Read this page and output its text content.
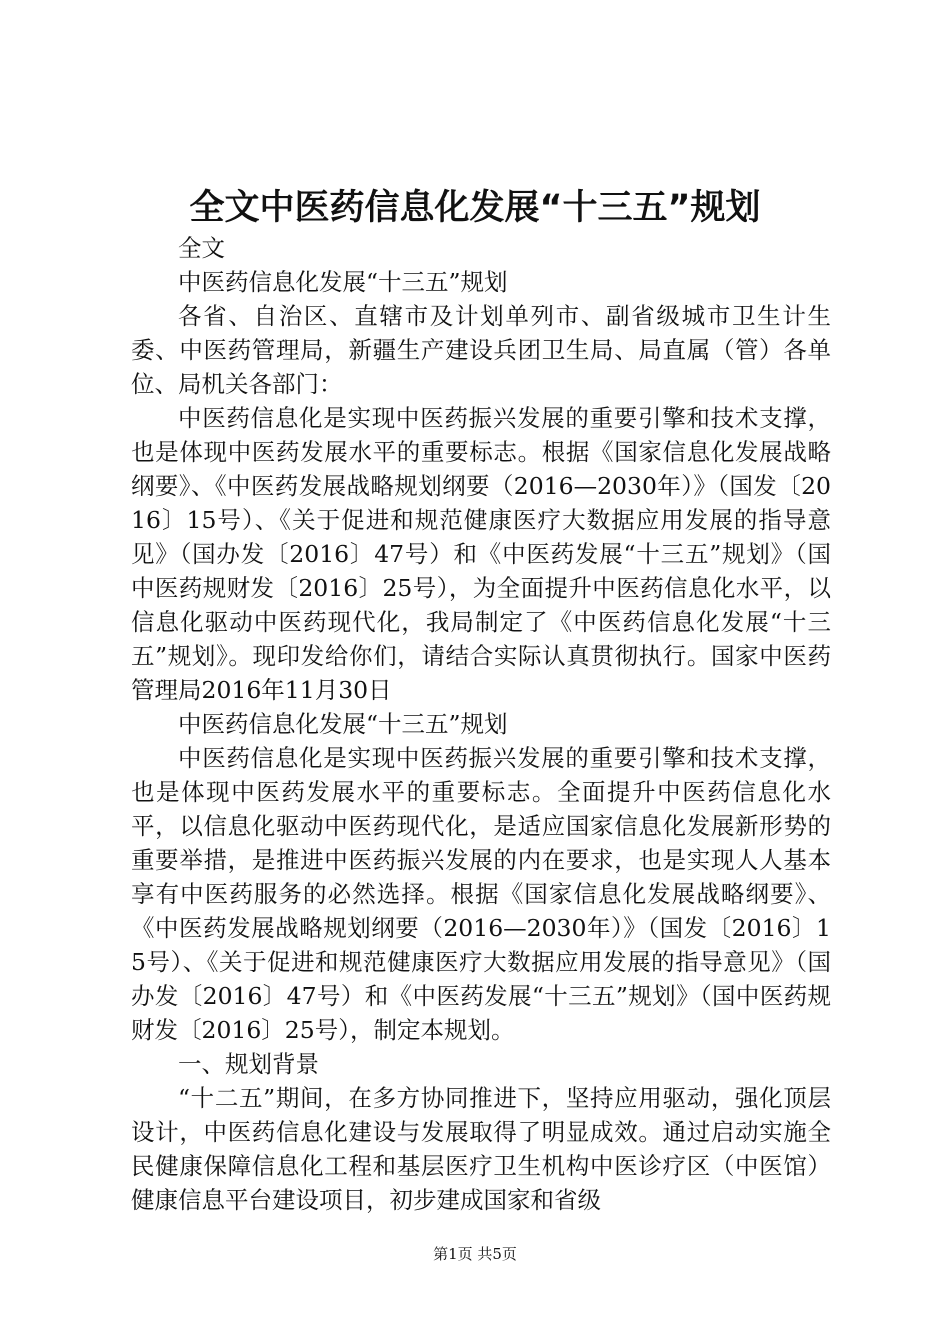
全文中医药信息化发展“十三五”规划

全文

中医药信息化发展“十三五”规划

各省、自治区、直辖市及计划单列市、副省级城市卫生计生委、中医药管理局，新疆生产建设兵团卫生局、局直属（管）各单位、局机关各部门：

中医药信息化是实现中医药振兴发展的重要引擎和技术支撑，也是体现中医药发展水平的重要标志。根据《国家信息化发展战略纲要》、《中医药发展战略规划纲要（2016—2030年）》（国发〔2016〕15号）、《关于促进和规范健康医疗大数据应用发展的指导意见》（国办发〔2016〕47号）和《中医药发展“十三五”规划》（国中医药规财发〔2016〕25号），为全面提升中医药信息化水平，以信息化驱动中医药现代化，我局制定了《中医药信息化发展“十三五”规划》。现印发给你们，请结合实际认真贯彻执行。国家中医药管理局2016年11月30日

中医药信息化发展“十三五”规划

中医药信息化是实现中医药振兴发展的重要引擎和技术支撑，也是体现中医药发展水平的重要标志。全面提升中医药信息化水平，以信息化驱动中医药现代化，是适应国家信息化发展新形势的重要举措，是推进中医药振兴发展的内在要求，也是实现人人基本享有中医药服务的必然选择。根据《国家信息化发展战略纲要》、《中医药发展战略规划纲要（2016—2030年）》（国发〔2016〕15号）、《关于促进和规范健康医疗大数据应用发展的指导意见》（国办发〔2016〕47号）和《中医药发展“十三五”规划》（国中医药规财发〔2016〕25号），制定本规划。

一、规划背景

“十二五”期间，在多方协同推进下，坚持应用驱动，强化顶层设计，中医药信息化建设与发展取得了明显成效。通过启动实施全民健康保障信息化工程和基层医疗卫生机构中医诊疗区（中医馆）健康信息平台建设项目，初步建成国家和省级

第1页 共5页
